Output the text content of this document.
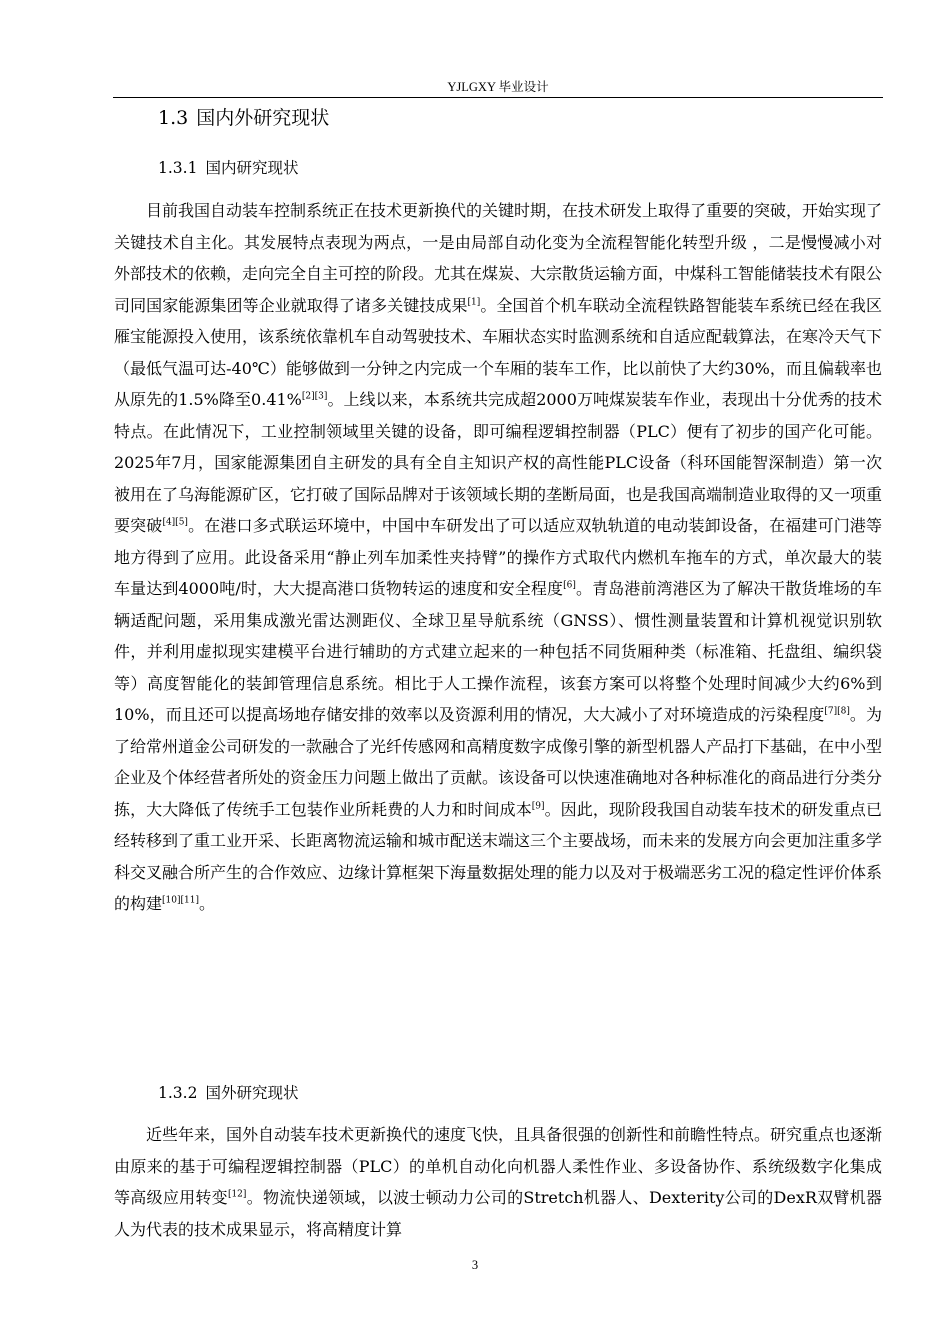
YJLGXY 毕业设计
1.3 国内外研究现状
1.3.1 国内研究现状

目前我国自动装车控制系统正在技术更新换代的关键时期，在技术研发上取得了重要的突破，开始实现了关键技术自主化。其发展特点表现为两点，一是由局部自动化变为全流程智能化转型升级 ，二是慢慢减小对外部技术的依赖，走向完全自主可控的阶段。尤其在煤炭、大宗散货运输方面，中煤科工智能储装技术有限公司同国家能源集团等企业就取得了诸多关键技成果[1]。全国首个机车联动全流程铁路智能装车系统已经在我区雁宝能源投入使用，该系统依靠机车自动驾驶技术、车厢状态实时监测系统和自适应配载算法，在寒冷天气下（最低气温可达-40℃）能够做到一分钟之内完成一个车厢的装车工作，比以前快了大约30%，而且偏载率也从原先的1.5%降至0.41%[2][3]。上线以来，本系统共完成超2000万吨煤炭装车作业，表现出十分优秀的技术特点。在此情况下，工业控制领域里关键的设备，即可编程逻辑控制器（PLC）便有了初步的国产化可能。2025年7月，国家能源集团自主研发的具有全自主知识产权的高性能PLC设备（科环国能智深制造）第一次被用在了乌海能源矿区，它打破了国际品牌对于该领域长期的垄断局面，也是我国高端制造业取得的又一项重要突破[4][5]。在港口多式联运环境中，中国中车研发出了可以适应双轨轨道的电动装卸设备，在福建可门港等地方得到了应用。此设备采用“静止列车加柔性夹持臂”的操作方式取代内燃机车拖车的方式，单次最大的装车量达到4000吨/时，大大提高港口货物转运的速度和安全程度[6]。青岛港前湾港区为了解决干散货堆场的车辆适配问题，采用集成激光雷达测距仪、全球卫星导航系统（GNSS）、惯性测量装置和计算机视觉识别软件，并利用虚拟现实建模平台进行辅助的方式建立起来的一种包括不同货厢种类（标准箱、托盘组、编织袋等）高度智能化的装卸管理信息系统。相比于人工操作流程，该套方案可以将整个处理时间减少大约6%到10%，而且还可以提高场地存储安排的效率以及资源利用的情况，大大减小了对环境造成的污染程度[7][8]。为了给常州道金公司研发的一款融合了光纤传感网和高精度数字成像引擎的新型机器人产品打下基础，在中小型企业及个体经营者所处的资金压力问题上做出了贡献。该设备可以快速准确地对各种标准化的商品进行分类分拣，大大降低了传统手工包装作业所耗费的人力和时间成本[9]。因此，现阶段我国自动装车技术的研发重点已经转移到了重工业开采、长距离物流运输和城市配送末端这三个主要战场，而未来的发展方向会更加注重多学科交叉融合所产生的合作效应、边缘计算框架下海量数据处理的能力以及对于极端恶劣工况的稳定性评价体系的构建[10][11]。

1.3.2 国外研究现状

近些年来，国外自动装车技术更新换代的速度飞快，且具备很强的创新性和前瞻性特点。研究重点也逐渐由原来的基于可编程逻辑控制器（PLC）的单机自动化向机器人柔性作业、多设备协作、系统级数字化集成等高级应用转变[12]。物流快递领域，以波士顿动力公司的Stretch机器人、Dexterity公司的DexR双臂机器人为代表的技术成果显示，将高精度计算

3
